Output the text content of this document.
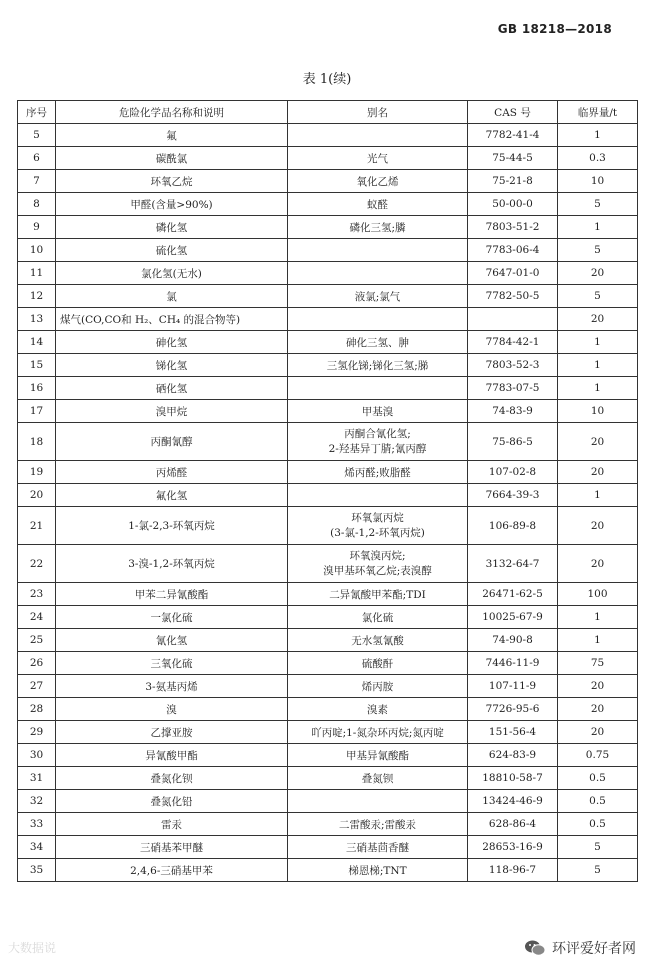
GB 18218—2018
表 1(续)
序号	危险化学品名称和说明	别名	CAS 号	临界量/t
5	氟		7782-41-4	1
6	碳酰氯	光气	75-44-5	0.3
7	环氧乙烷	氧化乙烯	75-21-8	10
8	甲醛(含量>90%)	蚁醛	50-00-0	5
9	磷化氢	磷化三氢;膦	7803-51-2	1
10	硫化氢		7783-06-4	5
11	氯化氢(无水)		7647-01-0	20
12	氯	液氯;氯气	7782-50-5	5
13	煤气(CO,CO和 H₂、CH₄ 的混合物等)			20
14	砷化氢	砷化三氢、胂	7784-42-1	1
15	锑化氢	三氢化锑;锑化三氢;䏲	7803-52-3	1
16	硒化氢		7783-07-5	1
17	溴甲烷	甲基溴	74-83-9	10
18	丙酮氰醇	丙酮合氰化氢;
2-羟基异丁腈;氰丙醇	75-86-5	20
19	丙烯醛	烯丙醛;败脂醛	107-02-8	20
20	氟化氢		7664-39-3	1
21	1-氯-2,3-环氧丙烷	环氧氯丙烷
(3-氯-1,2-环氧丙烷)	106-89-8	20
22	3-溴-1,2-环氧丙烷	环氧溴丙烷;
溴甲基环氧乙烷;表溴醇	3132-64-7	20
23	甲苯二异氰酸酯	二异氰酸甲苯酯;TDI	26471-62-5	100
24	一氯化硫	氯化硫	10025-67-9	1
25	氰化氢	无水氢氰酸	74-90-8	1
26	三氧化硫	硫酸酐	7446-11-9	75
27	3-氨基丙烯	烯丙胺	107-11-9	20
28	溴	溴素	7726-95-6	20
29	乙撑亚胺	吖丙啶;1-氮杂环丙烷;氮丙啶	151-56-4	20
30	异氰酸甲酯	甲基异氰酸酯	624-83-9	0.75
31	叠氮化钡	叠氮钡	18810-58-7	0.5
32	叠氮化铅		13424-46-9	0.5
33	雷汞	二雷酸汞;雷酸汞	628-86-4	0.5
34	三硝基苯甲醚	三硝基茴香醚	28653-16-9	5
35	2,4,6-三硝基甲苯	梯恩梯;TNT	118-96-7	5
大数据说	环评爱好者网
